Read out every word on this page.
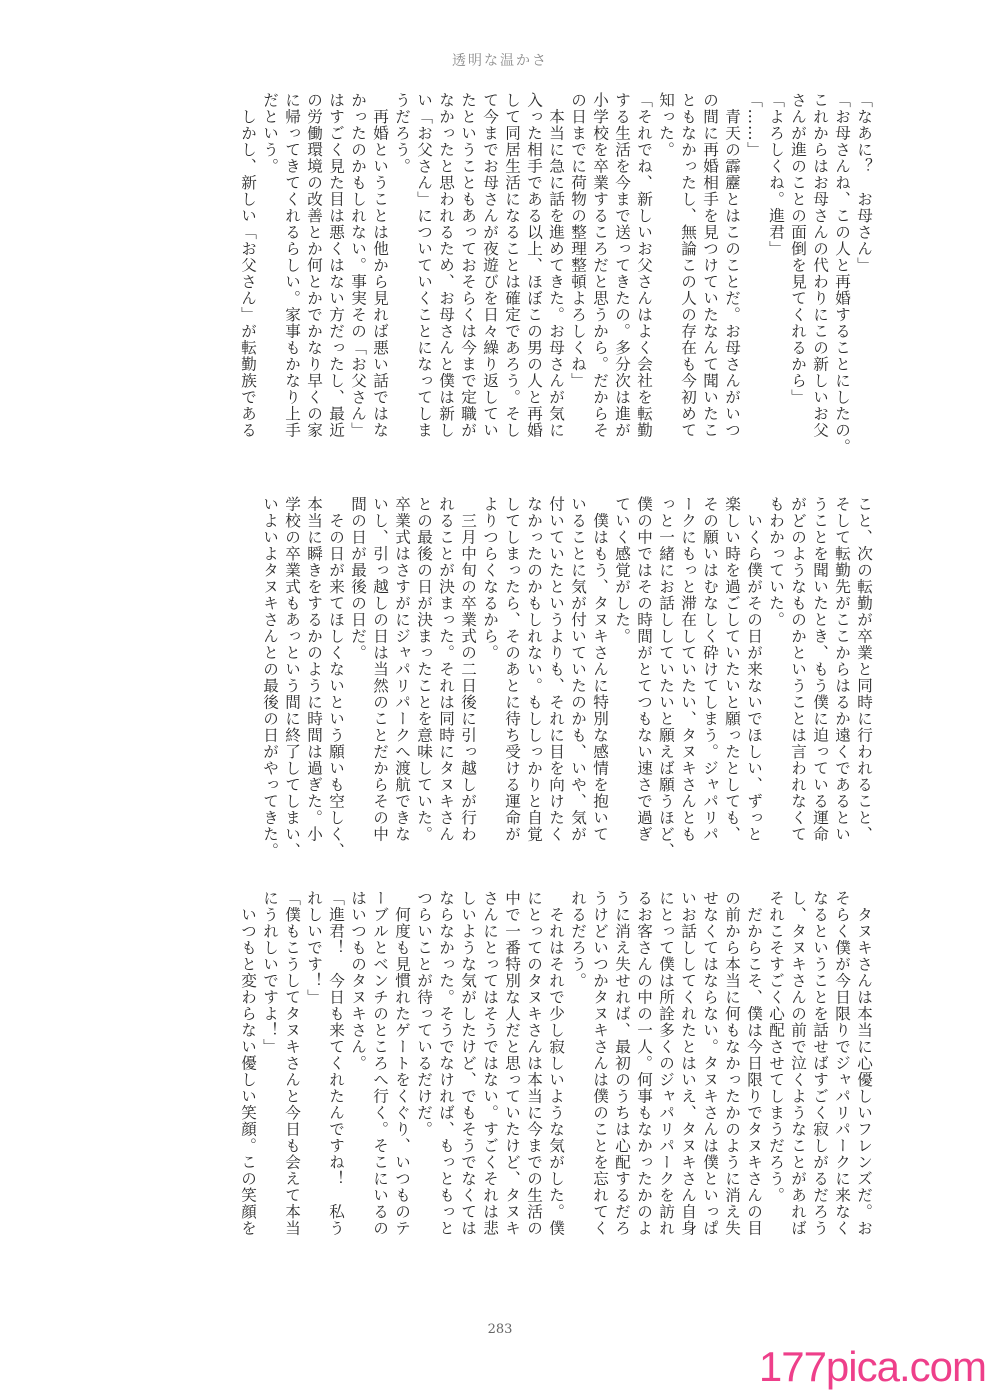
透明な温かさ

「なあに？　お母さん」

「お母さんね、この人と再婚することにしたの。

これからはお母さんの代わりにこの新しいお父

さんが進のことの面倒を見てくれるから」

「よろしくね。進君」

「……」

　青天の霹靂とはこのことだ。お母さんがいつ

の間に再婚相手を見つけていたなんて聞いたこ

ともなかったし、無論この人の存在も今初めて

知った。

「それでね、新しいお父さんはよく会社を転勤

する生活を今まで送ってきたの。多分次は進が

小学校を卒業するころだと思うから。だからそ

の日までに荷物の整理整頓よろしくね」

　本当に急に話を進めてきた。お母さんが気に

入った相手である以上、ほぼこの男の人と再婚

して同居生活になることは確定であろう。そし

て今までお母さんが夜遊びを日々繰り返してい

たということもあっておそらくは今まで定職が

なかったと思われるため、お母さんと僕は新し

い「お父さん」についていくことになってしま

うだろう。

　再婚ということは他から見れば悪い話ではな

かったのかもしれない。事実その「お父さん」

はすごく見た目は悪くはない方だったし、最近

の労働環境の改善とか何とかでかなり早くの家

に帰ってきてくれるらしい。家事もかなり上手

だという。

　しかし、新しい「お父さん」が転勤族である

こと、次の転勤が卒業と同時に行われること、

そして転勤先がここからはるか遠くであるとい

うことを聞いたとき、もう僕に迫っている運命

がどのようなものかということは言われなくて

もわかっていた。

　いくら僕がその日が来ないでほしい、ずっと

楽しい時を過ごしていたいと願ったとしても、

その願いはむなしく砕けてしまう。ジャパリパ

ークにもっと滞在していたい、タヌキさんとも

っと一緒にお話ししていたいと願えば願うほど、

僕の中ではその時間がとてつもない速さで過ぎ

ていく感覚がした。

　僕はもう、タヌキさんに特別な感情を抱いて

いることに気が付いていたのかも、いや、気が

付いていたというよりも、それに目を向けたく

なかったのかもしれない。もししっかりと自覚

してしまったら、そのあとに待ち受ける運命が

よりつらくなるから。

　三月中旬の卒業式の二日後に引っ越しが行わ

れることが決まった。それは同時にタヌキさん

との最後の日が決まったことを意味していた。

卒業式はさすがにジャパリパークへ渡航できな

いし、引っ越しの日は当然のことだからその中

間の日が最後の日だ。

　その日が来てほしくないという願いも空しく、

本当に瞬きをするかのように時間は過ぎた。小

学校の卒業式もあっという間に終了してしまい、

いよいよタヌキさんとの最後の日がやってきた。

　タヌキさんは本当に心優しいフレンズだ。お

そらく僕が今日限りでジャパリパークに来なく

なるということを話せばすごく寂しがるだろう

し、タヌキさんの前で泣くようなことがあれば

それこそすごく心配させてしまうだろう。

　だからこそ、僕は今日限りでタヌキさんの目

の前から本当に何もなかったかのように消え失

せなくてはならない。タヌキさんは僕といっぱ

いお話ししてくれたとはいえ、タヌキさん自身

にとって僕は所詮多くのジャパリパークを訪れ

るお客さんの中の一人。何事もなかったかのよ

うに消え失せれば、最初のうちは心配するだろ

うけどいつかタヌキさんは僕のことを忘れてく

れるだろう。

　それはそれで少し寂しいような気がした。僕

にとってのタヌキさんは本当に今までの生活の

中で一番特別な人だと思っていたけど、タヌキ

さんにとってはそうではない。すごくそれは悲

しいような気がしたけど、でもそうでなくては

ならなかった。そうでなければ、もっともっと

つらいことが待っているだけだ。

　何度も見慣れたゲートをくぐり、いつものテ

ーブルとベンチのところへ行く。そこにいるの

はいつものタヌキさん。

「進君！　今日も来てくれたんですね！　私う

れしいです！」

「僕もこうしてタヌキさんと今日も会えて本当

にうれしいですよ！」

　いつもと変わらない優しい笑顔。この笑顔を

283
177pica.com
